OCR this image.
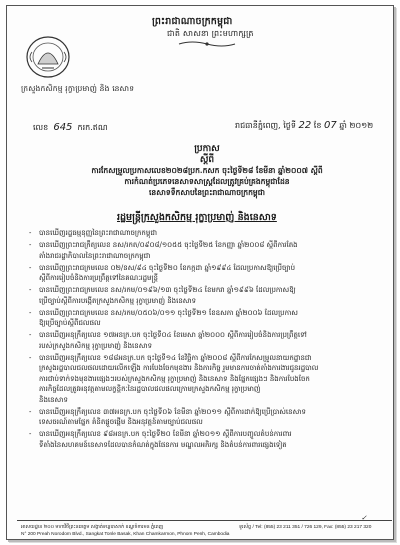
ព្រះរាជាណាចក្រកម្ពុជា
ជាតិ សាសនា ព្រះមហាក្សត្រ
ក្រសួងកសិកម្ម រុក្ខាប្រមាញ់ និង នេសាទ
លេខ 645 ករក.ឥណ	រាជធានីភ្នំពេញ, ថ្ងៃទី 22 ខែ 07 ឆ្នាំ ២០១២
ប្រកាស
ស្តីពី
ការកែសម្រួលប្រកាសលេខ២០២៨ប្រក.កសក ចុះថ្ងៃទី២៨ ខែមីនា ឆ្នាំ២០០៧ ស្តីពី
ការកំណត់ប្រភេទនេសាទសាស្ត្រដែលត្រូវគ្រប់គ្រងកម្ពុជាដែន
នេសាទទឹកសាបនៃព្រះរាជាណាចក្រកម្ពុជា
រដ្ឋមន្ត្រីក្រសួងកសិកម្ម រុក្ខាប្រមាញ់ និងនេសាទ
- បានឃើញរដ្ឋធម្មនុញ្ញនៃព្រះរាជាណាចក្រកម្ពុជា
- បានឃើញព្រះរាជក្រឹត្យលេខ នស/រកត/០៩០៨/១០៥៥ ចុះថ្ងៃទី២៥ ខែកញ្ញា ឆ្នាំ២០០៨ ស្តីពីការតែង
តាំងរាជរដ្ឋាភិបាលនៃព្រះរាជាណាចក្រកម្ពុជា
- បានឃើញព្រះរាជក្រមលេខ ០២/នស/៩៤ ចុះថ្ងៃទី២០ ខែកក្កដា ឆ្នាំ១៩៩៤ ដែលប្រកាសឱ្យប្រើច្បាប់
ស្តីពីការរៀបចំនិងការប្រព្រឹត្តទៅនៃគណៈរដ្ឋមន្ត្រី
- បានឃើញព្រះរាជក្រមលេខ នស/រកម/០១៩៦/១៣ ចុះថ្ងៃទី២៤ ខែមករា ឆ្នាំ១៩៩៦ ដែលប្រកាសឱ្យ
ប្រើច្បាប់ស្តីពីការបង្កើតក្រសួងកសិកម្ម រុក្ខាប្រមាញ់ និងនេសាទ
- បានឃើញព្រះរាជក្រមលេខ នស/រកម/០៥០៦/០១១ ចុះថ្ងៃទី២១ ខែឧសភា ឆ្នាំ២០០៦ ដែលប្រកាស
ឱ្យប្រើច្បាប់ស្តីពីជលផល
- បានឃើញអនុក្រឹត្យលេខ ១៧អនក្រ.បក ចុះថ្ងៃទី០៤ ខែមេសា ឆ្នាំ២០០០ ស្តីពីការរៀបចំនិងការប្រព្រឹត្តទៅ
របស់ក្រសួងកសិកម្ម រុក្ខាប្រមាញ់ និងនេសាទ
- បានឃើញអនុក្រឹត្យលេខ ១៨៨អនក្រ.បក ចុះថ្ងៃទី១៤ ខែវិច្ឆិកា ឆ្នាំ២០០៨ ស្តីពីការកែសម្រួលនាយកដ្ឋានជា
ក្រសួងរដ្ឋបាលជលផលដោយលើកឡើង ការបែងចែកមុខងារ និងភារកិច្ច រួមមានការចាត់តាំងការងារជូនរដ្ឋបាល
ការជាប់ទាក់ទងមុខងារផ្សេងៗរបស់ក្រសួងកសិកម្ម រុក្ខាប្រមាញ់ និងនេសាទ និងផ្នែកផ្សេងៗ និងការបែងចែក
ភារកិច្ចដែលត្រូវអនុវត្តតាមលក្ខន្តិកៈនៃរដ្ឋបាលជលផលក្រោមក្រសួងកសិកម្ម រុក្ខាប្រមាញ់
និងនេសាទ
- បានឃើញអនុក្រឹត្យលេខ ៣៧អនក្រ.បក ចុះថ្ងៃទី០៦ ខែមីនា ឆ្នាំ២០១១ ស្តីពីការដាក់ឱ្យប្រើប្រាស់នេសាទ
ទេសចរណ៍តាមផ្នែក គំនិតផ្តួចផ្តើម និងអនុវត្តន៍តាមច្បាប់ជលផល
- បានឃើញអនុក្រឹត្យលេខ ៩៨អនក្រ.បក ចុះថ្ងៃទី២០ ខែមីនា ឆ្នាំ២០១១ ស្តីពីការបញ្ចូលតំបន់ការពារ
ទីតាំងនៃសហគមន៍នេសាទដែលបានកំណត់ក្នុងផែនការ មណ្ឌលអភិរក្ស និងតំបន់ការពារផ្សេងទៀត
✓
អាសយដ្ឋាន ២០០ មហាវិថីព្រះនរោត្តម សង្កាត់ទន្លេបាសាក់ ខណ្ឌចំការមន ភ្នំពេញ
N° 200 Preah Norodom Blvd., Sangkat Tonle Basak, Khan Chamkarmon, Phnom Penh, Cambodia
ទូរស័ព្ទ / Tel: (855) 23 211 351 / 726 129, Fax: (855) 23 217 320
